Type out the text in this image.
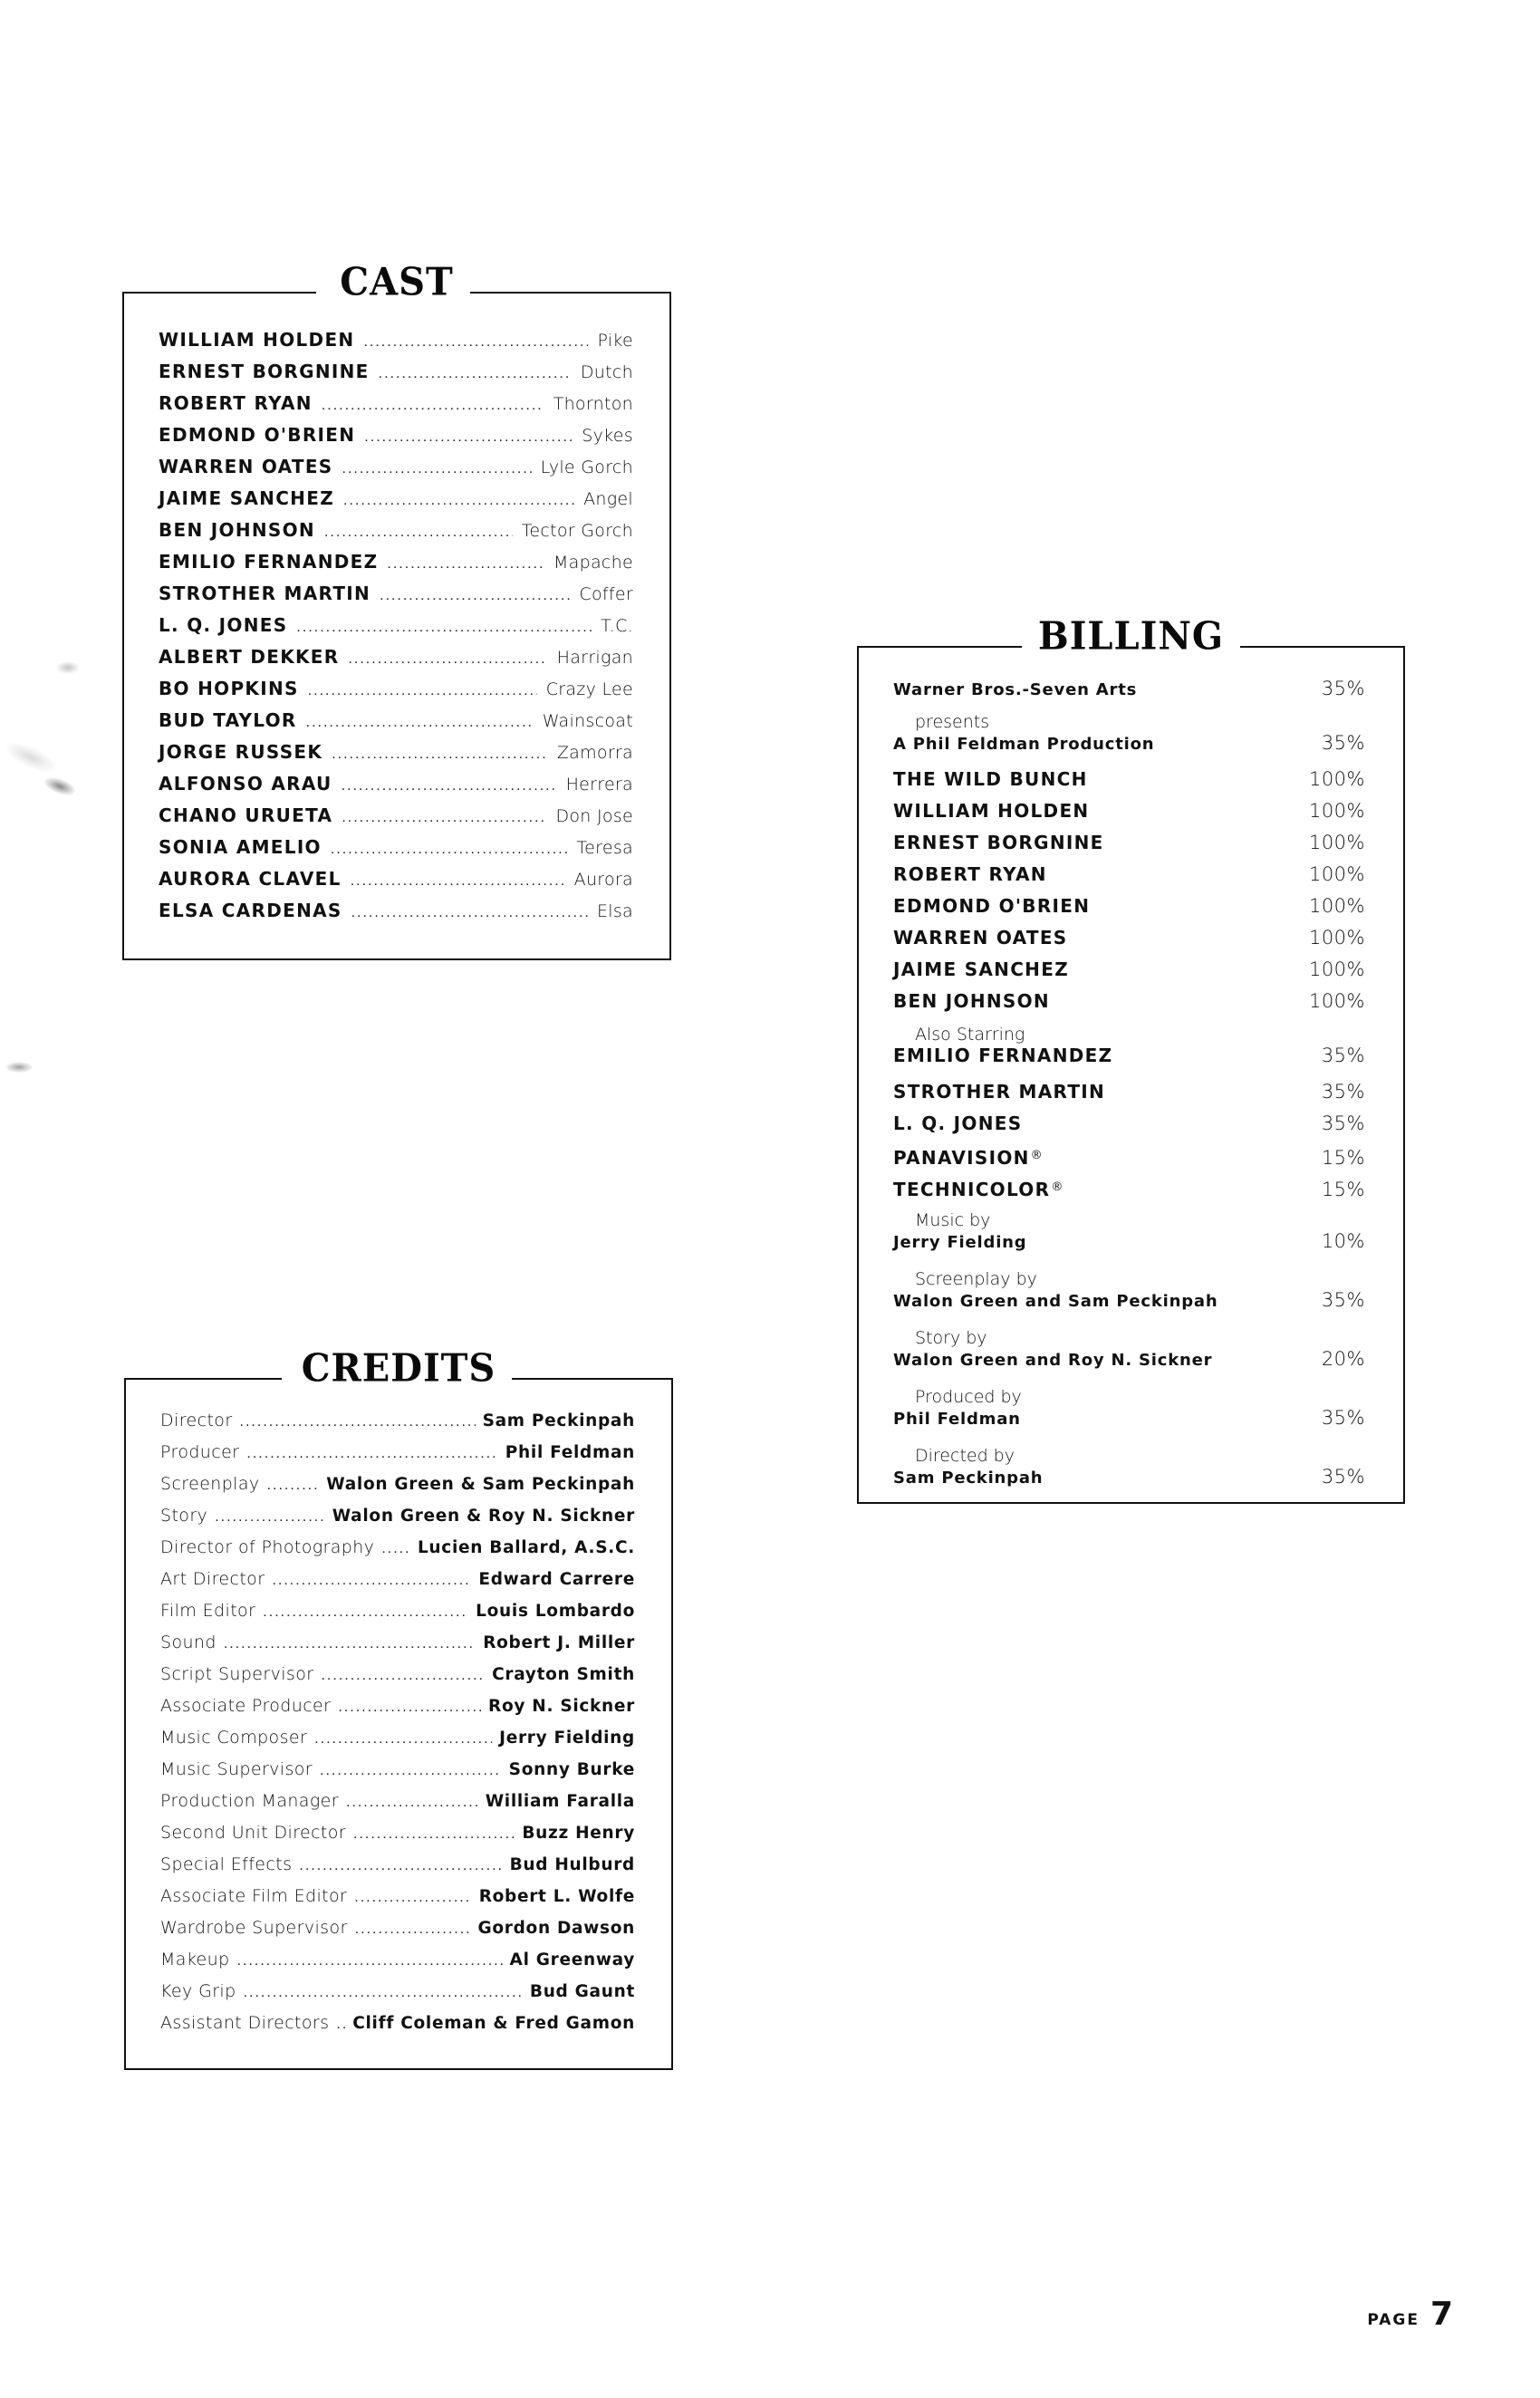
CAST
WILLIAM HOLDEN .....	Pike
ERNEST BORGNINE .....	Dutch
ROBERT RYAN .....	Thornton
EDMOND O'BRIEN .....	Sykes
WARREN OATES .....	Lyle Gorch
JAIME SANCHEZ .....	Angel
BEN JOHNSON .....	Tector Gorch
EMILIO FERNANDEZ .....	Mapache
STROTHER MARTIN .....	Coffer
L. Q. JONES .....	T.C.
ALBERT DEKKER .....	Harrigan
BO HOPKINS .....	Crazy Lee
BUD TAYLOR .....	Wainscoat
JORGE RUSSEK .....	Zamorra
ALFONSO ARAU .....	Herrera
CHANO URUETA .....	Don Jose
SONIA AMELIO .....	Teresa
AURORA CLAVEL .....	Aurora
ELSA CARDENAS .....	Elsa
BILLING
Warner Bros.-Seven Arts	35%
presents
A Phil Feldman Production	35%
THE WILD BUNCH	100%
WILLIAM HOLDEN	100%
ERNEST BORGNINE	100%
ROBERT RYAN	100%
EDMOND O'BRIEN	100%
WARREN OATES	100%
JAIME SANCHEZ	100%
BEN JOHNSON	100%
Also Starring
EMILIO FERNANDEZ	35%
STROTHER MARTIN	35%
L. Q. JONES	35%
PANAVISION®	15%
TECHNICOLOR®	15%
Music by
Jerry Fielding	10%
Screenplay by
Walon Green and Sam Peckinpah	35%
Story by
Walon Green and Roy N. Sickner	20%
Produced by
Phil Feldman	35%
Directed by
Sam Peckinpah	35%
CREDITS
Director .....	Sam Peckinpah
Producer .....	Phil Feldman
Screenplay .....	Walon Green & Sam Peckinpah
Story .....	Walon Green & Roy N. Sickner
Director of Photography .....	Lucien Ballard, A.S.C.
Art Director .....	Edward Carrere
Film Editor .....	Louis Lombardo
Sound .....	Robert J. Miller
Script Supervisor .....	Crayton Smith
Associate Producer .....	Roy N. Sickner
Music Composer .....	Jerry Fielding
Music Supervisor .....	Sonny Burke
Production Manager .....	William Faralla
Second Unit Director .....	Buzz Henry
Special Effects .....	Bud Hulburd
Associate Film Editor .....	Robert L. Wolfe
Wardrobe Supervisor .....	Gordon Dawson
Makeup .....	Al Greenway
Key Grip .....	Bud Gaunt
Assistant Directors ..... Cliff Coleman & Fred Gamon
PAGE 7
